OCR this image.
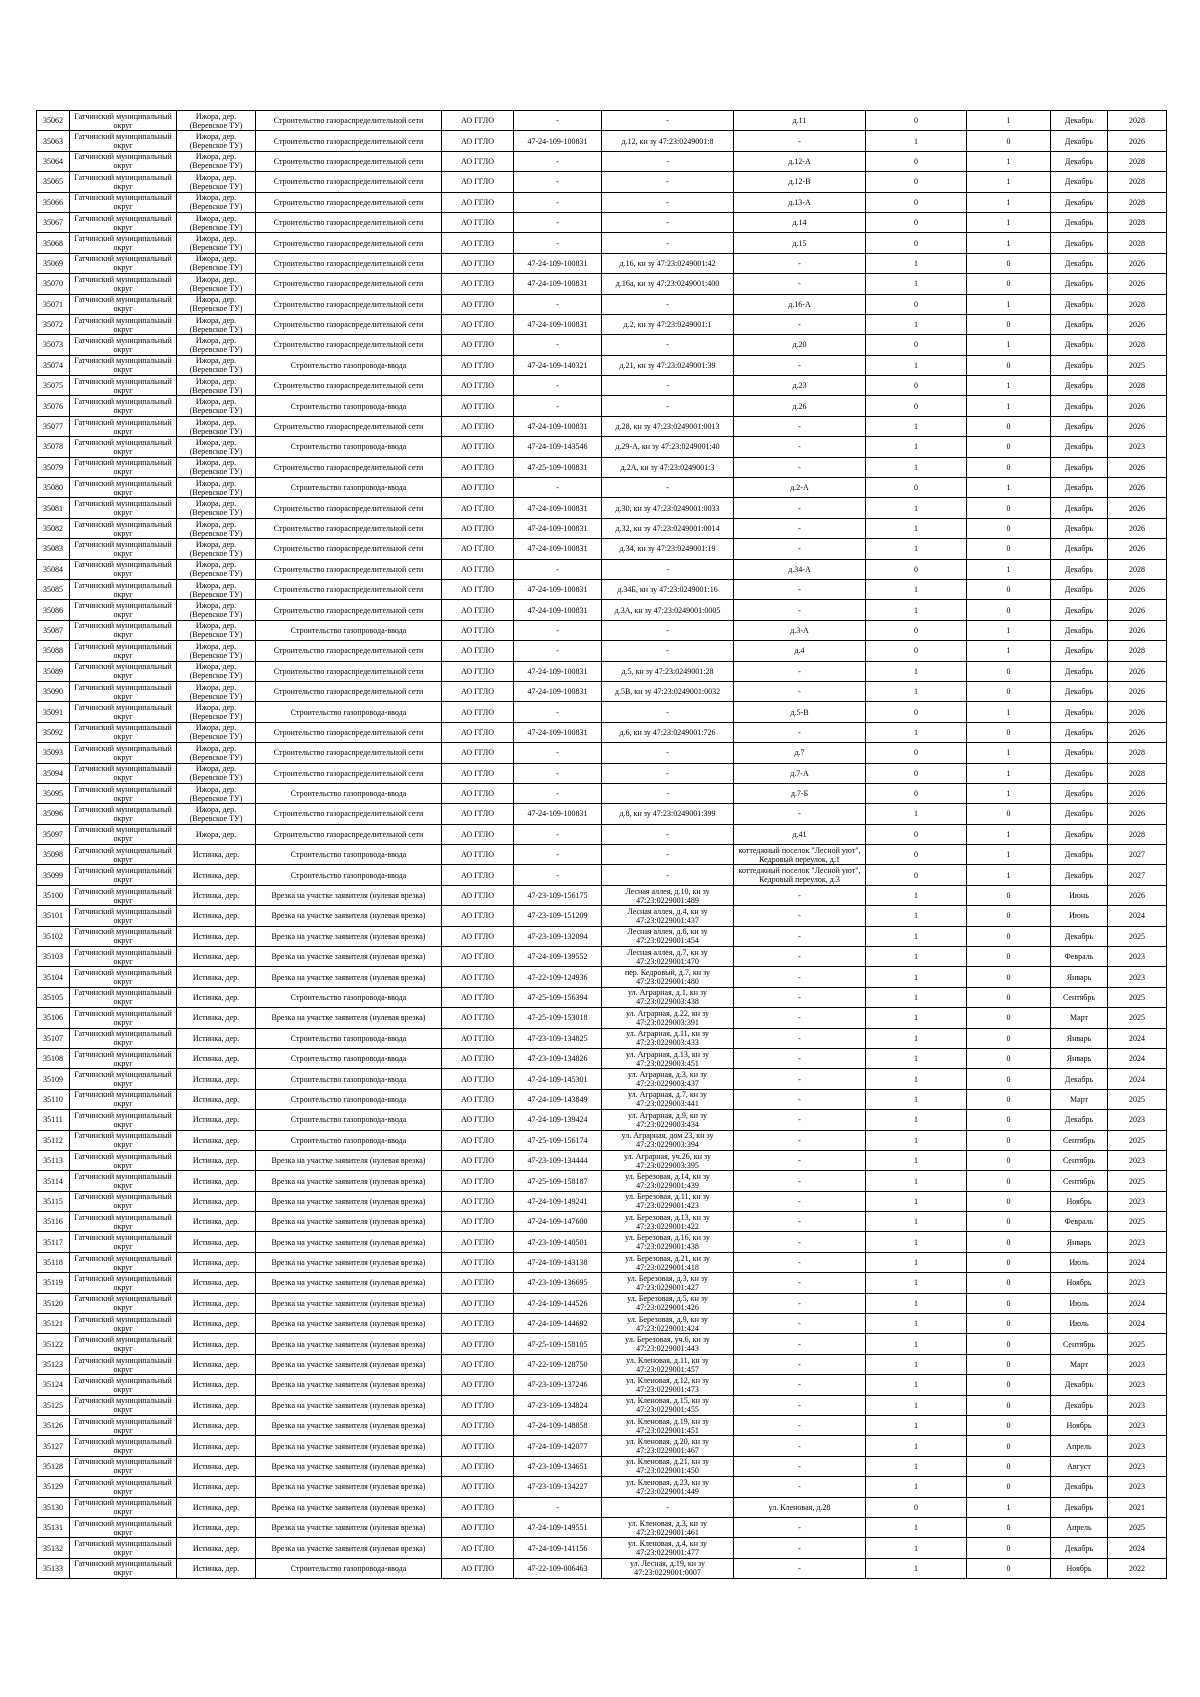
35062	Гатчинский муниципальный округ	Ижора, дер. (Веревское ТУ)	Строительство газораспределительной сети	АО ГГЛО	-	-	д.11	0	1	Декабрь	2028
35063	Гатчинский муниципальный округ	Ижора, дер. (Веревское ТУ)	Строительство газораспределительной сети	АО ГГЛО	47-24-109-100831	д.12, кн зу 47:23:0249001:8	-	1	0	Декабрь	2026
35064	Гатчинский муниципальный округ	Ижора, дер. (Веревское ТУ)	Строительство газораспределительной сети	АО ГГЛО	-	-	д.12-А	0	1	Декабрь	2028
35065	Гатчинский муниципальный округ	Ижора, дер. (Веревское ТУ)	Строительство газораспределительной сети	АО ГГЛО	-	-	д.12-В	0	1	Декабрь	2028
35066	Гатчинский муниципальный округ	Ижора, дер. (Веревское ТУ)	Строительство газораспределительной сети	АО ГГЛО	-	-	д.13-А	0	1	Декабрь	2028
35067	Гатчинский муниципальный округ	Ижора, дер. (Веревское ТУ)	Строительство газораспределительной сети	АО ГГЛО	-	-	д.14	0	1	Декабрь	2028
35068	Гатчинский муниципальный округ	Ижора, дер. (Веревское ТУ)	Строительство газораспределительной сети	АО ГГЛО	-	-	д.15	0	1	Декабрь	2028
35069	Гатчинский муниципальный округ	Ижора, дер. (Веревское ТУ)	Строительство газораспределительной сети	АО ГГЛО	47-24-109-100831	д.16, кн зу 47:23:0249001:42	-	1	0	Декабрь	2026
35070	Гатчинский муниципальный округ	Ижора, дер. (Веревское ТУ)	Строительство газораспределительной сети	АО ГГЛО	47-24-109-100831	д.16а, кн зу 47:23:0249001:400	-	1	0	Декабрь	2026
35071	Гатчинский муниципальный округ	Ижора, дер. (Веревское ТУ)	Строительство газораспределительной сети	АО ГГЛО	-	-	д.16-А	0	1	Декабрь	2028
35072	Гатчинский муниципальный округ	Ижора, дер. (Веревское ТУ)	Строительство газораспределительной сети	АО ГГЛО	47-24-109-100831	д.2, кн зу 47:23:0249001:1	-	1	0	Декабрь	2026
35073	Гатчинский муниципальный округ	Ижора, дер. (Веревское ТУ)	Строительство газораспределительной сети	АО ГГЛО	-	-	д.20	0	1	Декабрь	2028
35074	Гатчинский муниципальный округ	Ижора, дер. (Веревское ТУ)	Строительство газопровода-ввода	АО ГГЛО	47-24-109-140321	д.21, кн зу 47:23:0249001:39	-	1	0	Декабрь	2025
35075	Гатчинский муниципальный округ	Ижора, дер. (Веревское ТУ)	Строительство газораспределительной сети	АО ГГЛО	-	-	д.23	0	1	Декабрь	2028
35076	Гатчинский муниципальный округ	Ижора, дер. (Веревское ТУ)	Строительство газопровода-ввода	АО ГГЛО	-	-	д.26	0	1	Декабрь	2026
35077	Гатчинский муниципальный округ	Ижора, дер. (Веревское ТУ)	Строительство газораспределительной сети	АО ГГЛО	47-24-109-100831	д.28, кн зу 47:23:0249001:0013	-	1	0	Декабрь	2026
35078	Гатчинский муниципальный округ	Ижора, дер. (Веревское ТУ)	Строительство газопровода-ввода	АО ГГЛО	47-24-109-143546	д.29-А, кн зу 47:23:0249001:40	-	1	0	Декабрь	2023
35079	Гатчинский муниципальный округ	Ижора, дер. (Веревское ТУ)	Строительство газораспределительной сети	АО ГГЛО	47-25-109-100831	д.2А, кн зу 47:23:0249001:3	-	1	0	Декабрь	2026
35080	Гатчинский муниципальный округ	Ижора, дер. (Веревское ТУ)	Строительство газопровода-ввода	АО ГГЛО	-	-	д.2-А	0	1	Декабрь	2026
35081	Гатчинский муниципальный округ	Ижора, дер. (Веревское ТУ)	Строительство газораспределительной сети	АО ГГЛО	47-24-109-100831	д.30, кн зу 47:23:0249001:0033	-	1	0	Декабрь	2026
35082	Гатчинский муниципальный округ	Ижора, дер. (Веревское ТУ)	Строительство газораспределительной сети	АО ГГЛО	47-24-109-100831	д.32, кн зу 47:23:0249001:0014	-	1	0	Декабрь	2026
35083	Гатчинский муниципальный округ	Ижора, дер. (Веревское ТУ)	Строительство газораспределительной сети	АО ГГЛО	47-24-109-100831	д.34, кн зу 47:23:0249001:19	-	1	0	Декабрь	2026
35084	Гатчинский муниципальный округ	Ижора, дер. (Веревское ТУ)	Строительство газораспределительной сети	АО ГГЛО	-	-	д.34-А	0	1	Декабрь	2028
35085	Гатчинский муниципальный округ	Ижора, дер. (Веревское ТУ)	Строительство газораспределительной сети	АО ГГЛО	47-24-109-100831	д.34Б, кн зу 47:23:0249001:16	-	1	0	Декабрь	2026
35086	Гатчинский муниципальный округ	Ижора, дер. (Веревское ТУ)	Строительство газораспределительной сети	АО ГГЛО	47-24-109-100831	д.3А, кн зу 47:23:0249001:0005	-	1	0	Декабрь	2026
35087	Гатчинский муниципальный округ	Ижора, дер. (Веревское ТУ)	Строительство газопровода-ввода	АО ГГЛО	-	-	д.3-А	0	1	Декабрь	2026
35088	Гатчинский муниципальный округ	Ижора, дер. (Веревское ТУ)	Строительство газораспределительной сети	АО ГГЛО	-	-	д.4	0	1	Декабрь	2028
35089	Гатчинский муниципальный округ	Ижора, дер. (Веревское ТУ)	Строительство газораспределительной сети	АО ГГЛО	47-24-109-100831	д.5, кн зу 47:23:0249001:28	-	1	0	Декабрь	2026
35090	Гатчинский муниципальный округ	Ижора, дер. (Веревское ТУ)	Строительство газораспределительной сети	АО ГГЛО	47-24-109-100831	д.5В, кн зу 47:23:0249001:0032	-	1	0	Декабрь	2026
35091	Гатчинский муниципальный округ	Ижора, дер. (Веревское ТУ)	Строительство газопровода-ввода	АО ГГЛО	-	-	д.5-В	0	1	Декабрь	2026
35092	Гатчинский муниципальный округ	Ижора, дер. (Веревское ТУ)	Строительство газораспределительной сети	АО ГГЛО	47-24-109-100831	д.6, кн зу 47:23:0249001:726	-	1	0	Декабрь	2026
35093	Гатчинский муниципальный округ	Ижора, дер. (Веревское ТУ)	Строительство газораспределительной сети	АО ГГЛО	-	-	д.7	0	1	Декабрь	2028
35094	Гатчинский муниципальный округ	Ижора, дер. (Веревское ТУ)	Строительство газораспределительной сети	АО ГГЛО	-	-	д.7-А	0	1	Декабрь	2028
35095	Гатчинский муниципальный округ	Ижора, дер. (Веревское ТУ)	Строительство газопровода-ввода	АО ГГЛО	-	-	д.7-Б	0	1	Декабрь	2026
35096	Гатчинский муниципальный округ	Ижора, дер. (Веревское ТУ)	Строительство газораспределительной сети	АО ГГЛО	47-24-109-100831	д.8, кн зу 47:23:0249001:399	-	1	0	Декабрь	2026
35097	Гатчинский муниципальный округ	Ижора, дер.	Строительство газораспределительной сети	АО ГГЛО	-	-	д.41	0	1	Декабрь	2028
35098	Гатчинский муниципальный округ	Истинка, дер.	Строительство газопровода-ввода	АО ГГЛО	-	-	коттеджный поселок "Лесной уют", Кедровый переулок, д.1	0	1	Декабрь	2027
35099	Гатчинский муниципальный округ	Истинка, дер.	Строительство газопровода-ввода	АО ГГЛО	-	-	коттеджный поселок "Лесной уют", Кедровый переулок, д.3	0	1	Декабрь	2027
35100	Гатчинский муниципальный округ	Истинка, дер.	Врезка на участке заявителя (нулевая врезка)	АО ГГЛО	47-23-109-156175	Лесная аллея, д.10, кн зу 47:23:0229001:489	-	1	0	Июнь	2026
35101	Гатчинский муниципальный округ	Истинка, дер.	Врезка на участке заявителя (нулевая врезка)	АО ГГЛО	47-23-109-151209	Лесная аллея, д.4, кн зу 47:23:0229001:437	-	1	0	Июнь	2024
35102	Гатчинский муниципальный округ	Истинка, дер.	Врезка на участке заявителя (нулевая врезка)	АО ГГЛО	47-23-109-132094	Лесная аллея, д.6, кн зу 47:23:0229001:454	-	1	0	Декабрь	2025
35103	Гатчинский муниципальный округ	Истинка, дер.	Врезка на участке заявителя (нулевая врезка)	АО ГГЛО	47-24-109-139552	Лесная аллея, д.7, кн зу 47:23:0229001:470	-	1	0	Февраль	2023
35104	Гатчинский муниципальный округ	Истинка, дер.	Врезка на участке заявителя (нулевая врезка)	АО ГГЛО	47-22-109-124936	пер. Кедровый, д.7, кн зу 47:23:0229001:480	-	1	0	Январь	2023
35105	Гатчинский муниципальный округ	Истинка, дер.	Строительство газопровода-ввода	АО ГГЛО	47-25-109-156394	ул. Аграрная, д.1, кн зу 47:23:0229003:438	-	1	0	Сентябрь	2025
35106	Гатчинский муниципальный округ	Истинка, дер.	Врезка на участке заявителя (нулевая врезка)	АО ГГЛО	47-25-109-153018	ул. Аграрная, д.22, кн зу 47:23:0229003:391	-	1	0	Март	2025
35107	Гатчинский муниципальный округ	Истинка, дер.	Строительство газопровода-ввода	АО ГГЛО	47-23-109-134825	ул. Аграрная, д.11, кн зу 47:23:0229003:433	-	1	0	Январь	2024
35108	Гатчинский муниципальный округ	Истинка, дер.	Строительство газопровода-ввода	АО ГГЛО	47-23-109-134826	ул. Аграрная, д.13, кн зу 47:23:0229003:451	-	1	0	Январь	2024
35109	Гатчинский муниципальный округ	Истинка, дер.	Строительство газопровода-ввода	АО ГГЛО	47-24-109-145301	ул. Аграрная, д.3, кн зу 47:23:0229003:437	-	1	0	Декабрь	2024
35110	Гатчинский муниципальный округ	Истинка, дер.	Строительство газопровода-ввода	АО ГГЛО	47-24-109-143849	ул. Аграрная, д.7, кн зу 47:23:0229003:441	-	1	0	Март	2025
35111	Гатчинский муниципальный округ	Истинка, дер.	Строительство газопровода-ввода	АО ГГЛО	47-24-109-139424	ул. Аграрная, д.9, кн зу 47:23:0229003:434	-	1	0	Декабрь	2023
35112	Гатчинский муниципальный округ	Истинка, дер.	Строительство газопровода-ввода	АО ГГЛО	47-25-109-156174	ул. Аграрная, дом 23, кн зу 47:23:0229003:394	-	1	0	Сентябрь	2025
35113	Гатчинский муниципальный округ	Истинка, дер.	Врезка на участке заявителя (нулевая врезка)	АО ГГЛО	47-23-109-134444	ул. Аграрная, уч.26, кн зу 47:23:0229003:395	-	1	0	Сентябрь	2023
35114	Гатчинский муниципальный округ	Истинка, дер.	Врезка на участке заявителя (нулевая врезка)	АО ГГЛО	47-25-109-158187	ул. Березовая, д.14, кн зу 47:23:0229001:439	-	1	0	Сентябрь	2025
35115	Гатчинский муниципальный округ	Истинка, дер.	Врезка на участке заявителя (нулевая врезка)	АО ГГЛО	47-24-109-149241	ул. Березовая, д.11, кн зу 47:23:0229001:423	-	1	0	Ноябрь	2023
35116	Гатчинский муниципальный округ	Истинка, дер.	Врезка на участке заявителя (нулевая врезка)	АО ГГЛО	47-24-109-147600	ул. Березовая, д.13, кн зу 47:23:0229001:422	-	1	0	Февраль	2025
35117	Гатчинский муниципальный округ	Истинка, дер.	Врезка на участке заявителя (нулевая врезка)	АО ГГЛО	47-23-109-140501	ул. Березовая, д.16, кн зу 47:23:0229001:438	-	1	0	Январь	2023
35118	Гатчинский муниципальный округ	Истинка, дер.	Врезка на участке заявителя (нулевая врезка)	АО ГГЛО	47-24-109-143138	ул. Березовая, д.21, кн зу 47:23:0229001:418	-	1	0	Июль	2024
35119	Гатчинский муниципальный округ	Истинка, дер.	Врезка на участке заявителя (нулевая врезка)	АО ГГЛО	47-23-109-136695	ул. Березовая, д.3, кн зу 47:23:0229001:427	-	1	0	Ноябрь	2023
35120	Гатчинский муниципальный округ	Истинка, дер.	Врезка на участке заявителя (нулевая врезка)	АО ГГЛО	47-24-109-144526	ул. Березовая, д.5, кн зу 47:23:0229001:426	-	1	0	Июль	2024
35121	Гатчинский муниципальный округ	Истинка, дер.	Врезка на участке заявителя (нулевая врезка)	АО ГГЛО	47-24-109-144692	ул. Березовая, д.9, кн зу 47:23:0229001:424	-	1	0	Июль	2024
35122	Гатчинский муниципальный округ	Истинка, дер.	Врезка на участке заявителя (нулевая врезка)	АО ГГЛО	47-25-109-158105	ул. Березовая, уч.6, кн зу 47:23:0229001:443	-	1	0	Сентябрь	2025
35123	Гатчинский муниципальный округ	Истинка, дер.	Врезка на участке заявителя (нулевая врезка)	АО ГГЛО	47-22-109-128750	ул. Кленовая, д.11, кн зу 47:23:0229001:457	-	1	0	Март	2023
35124	Гатчинский муниципальный округ	Истинка, дер.	Врезка на участке заявителя (нулевая врезка)	АО ГГЛО	47-23-109-137246	ул. Кленовая, д.12, кн зу 47:23:0229001:473	-	1	0	Декабрь	2023
35125	Гатчинский муниципальный округ	Истинка, дер.	Врезка на участке заявителя (нулевая врезка)	АО ГГЛО	47-23-109-134824	ул. Кленовая, д.15, кн зу 47:23:0229001:455	-	1	0	Декабрь	2023
35126	Гатчинский муниципальный округ	Истинка, дер.	Врезка на участке заявителя (нулевая врезка)	АО ГГЛО	47-24-109-148858	ул. Кленовая, д.19, кн зу 47:23:0229001:451	-	1	0	Ноябрь	2023
35127	Гатчинский муниципальный округ	Истинка, дер.	Врезка на участке заявителя (нулевая врезка)	АО ГГЛО	47-24-109-142077	ул. Кленовая, д.20, кн зу 47:23:0229001:467	-	1	0	Апрель	2023
35128	Гатчинский муниципальный округ	Истинка, дер.	Врезка на участке заявителя (нулевая врезка)	АО ГГЛО	47-23-109-134651	ул. Кленовая, д.21, кн зу 47:23:0229001:450	-	1	0	Август	2023
35129	Гатчинский муниципальный округ	Истинка, дер.	Врезка на участке заявителя (нулевая врезка)	АО ГГЛО	47-23-109-134227	ул. Кленовая, д.23, кн зу 47:23:0229001:449	-	1	0	Декабрь	2023
35130	Гатчинский муниципальный округ	Истинка, дер.	Врезка на участке заявителя (нулевая врезка)	АО ГГЛО	-	-	ул. Кленовая, д.28	0	1	Декабрь	2021
35131	Гатчинский муниципальный округ	Истинка, дер.	Врезка на участке заявителя (нулевая врезка)	АО ГГЛО	47-24-109-149551	ул. Кленовая, д.3, кн зу 47:23:0229001:461	-	1	0	Апрель	2025
35132	Гатчинский муниципальный округ	Истинка, дер.	Врезка на участке заявителя (нулевая врезка)	АО ГГЛО	47-24-109-141156	ул. Кленовая, д.4, кн зу 47:23:0229001:477	-	1	0	Декабрь	2024
35133	Гатчинский муниципальный округ	Истинка, дер.	Строительство газопровода-ввода	АО ГГЛО	47-22-109-006463	ул. Лесная, д.19, кн зу 47:23:0229001:0007	-	1	0	Ноябрь	2022
